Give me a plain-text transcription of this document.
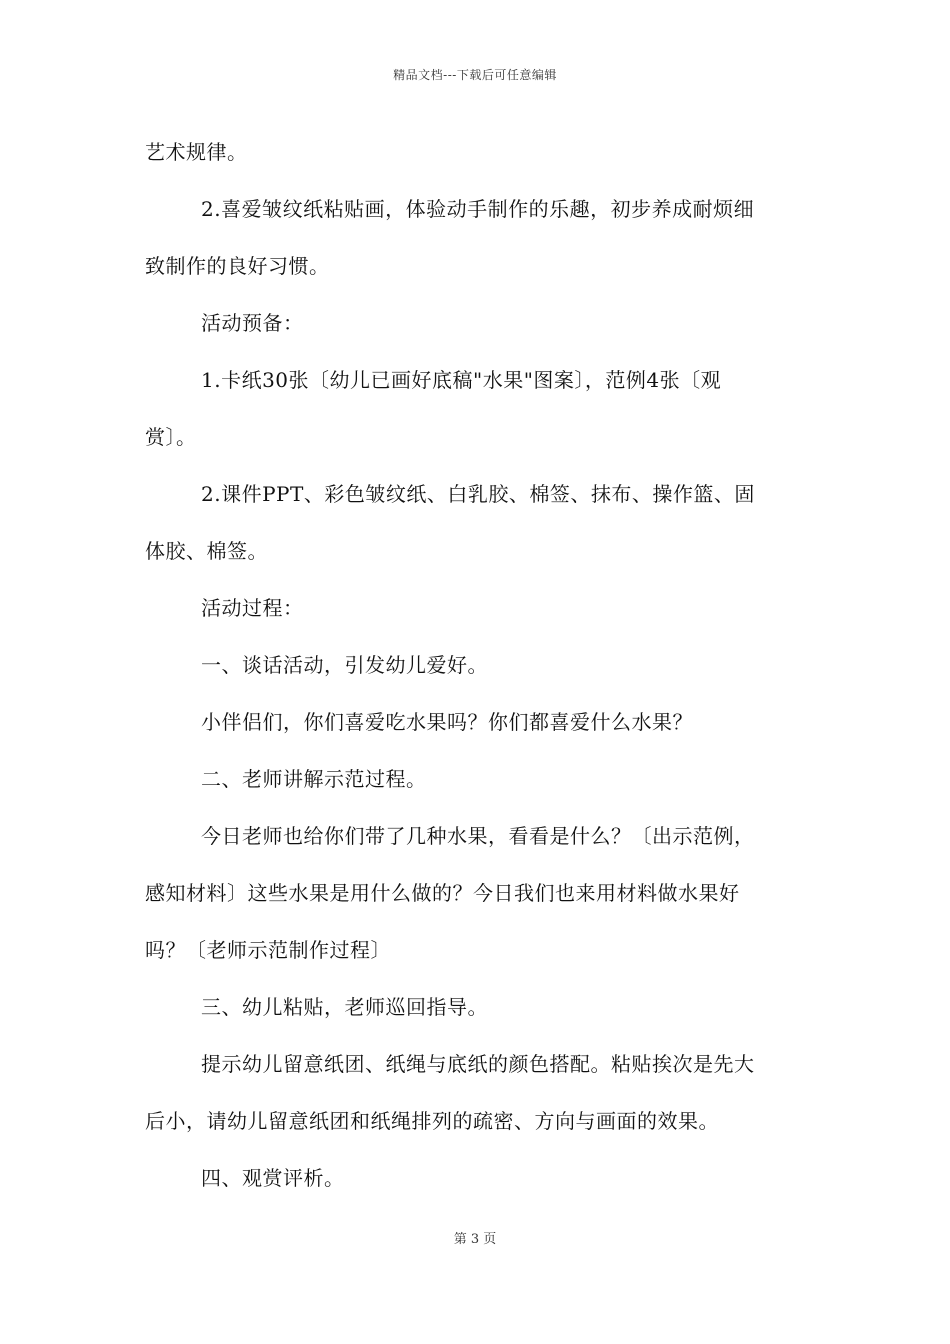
精品文档---下载后可任意编辑
艺术规律。
2.喜爱皱纹纸粘贴画，体验动手制作的乐趣，初步养成耐烦细
致制作的良好习惯。
活动预备：
1.卡纸30张〔幼儿已画好底稿"水果"图案〕，范例4张〔观
赏〕。
2.课件PPT、彩色皱纹纸、白乳胶、棉签、抹布、操作篮、固
体胶、棉签。
活动过程：
一、谈话活动，引发幼儿爱好。
小伴侣们，你们喜爱吃水果吗？你们都喜爱什么水果？
二、老师讲解示范过程。
今日老师也给你们带了几种水果，看看是什么？〔出示范例，
感知材料〕这些水果是用什么做的？今日我们也来用材料做水果好
吗？〔老师示范制作过程〕
三、幼儿粘贴，老师巡回指导。
提示幼儿留意纸团、纸绳与底纸的颜色搭配。粘贴挨次是先大
后小，请幼儿留意纸团和纸绳排列的疏密、方向与画面的效果。
四、观赏评析。
第 3 页
